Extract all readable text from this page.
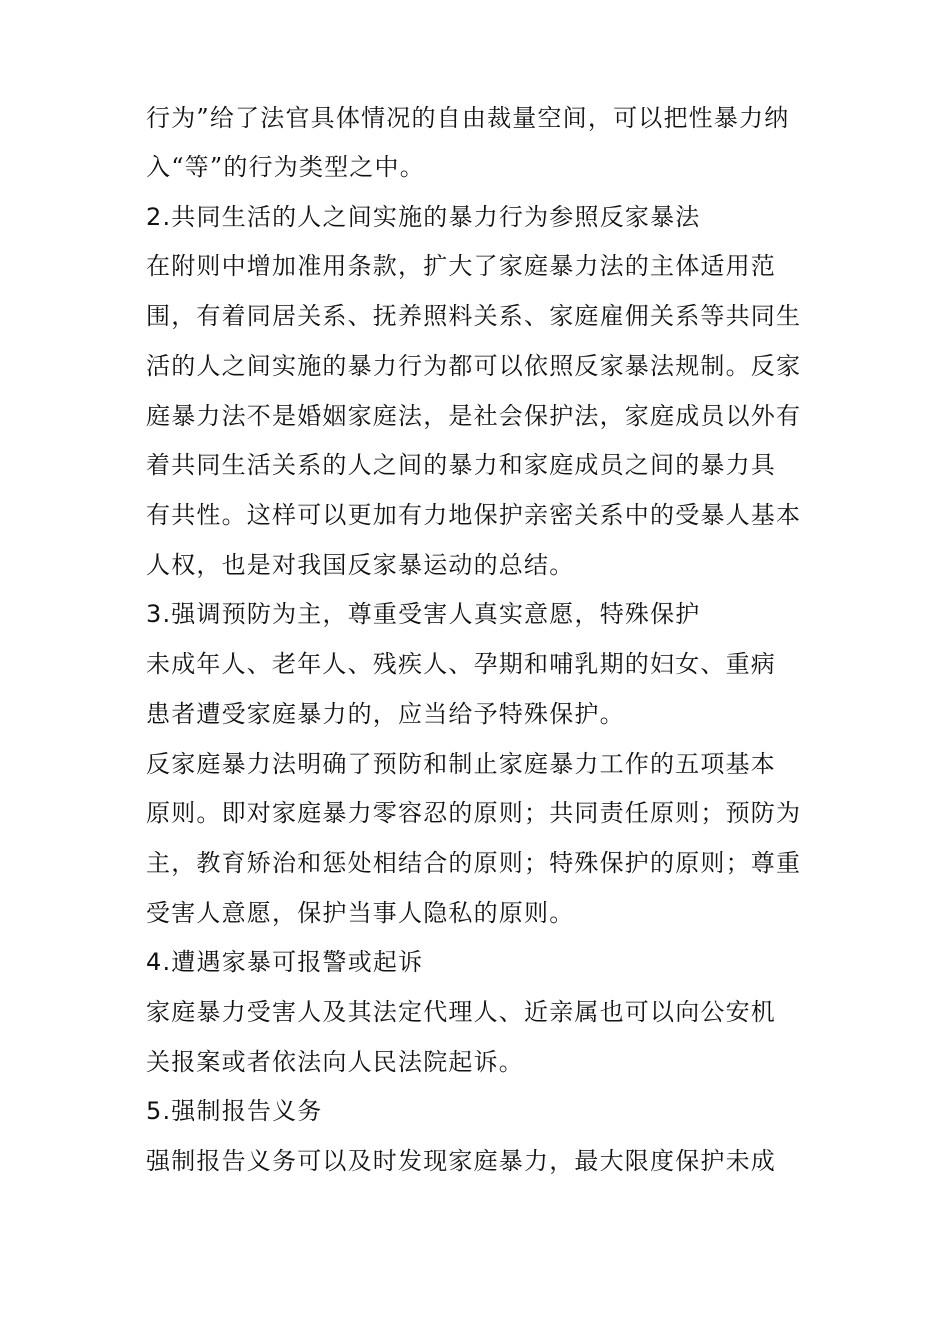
行为”给了法官具体情况的自由裁量空间，可以把性暴力纳
入“等”的行为类型之中。
2.共同生活的人之间实施的暴力行为参照反家暴法
在附则中增加准用条款，扩大了家庭暴力法的主体适用范
围，有着同居关系、抚养照料关系、家庭雇佣关系等共同生
活的人之间实施的暴力行为都可以依照反家暴法规制。反家
庭暴力法不是婚姻家庭法，是社会保护法，家庭成员以外有
着共同生活关系的人之间的暴力和家庭成员之间的暴力具
有共性。这样可以更加有力地保护亲密关系中的受暴人基本
人权，也是对我国反家暴运动的总结。
3.强调预防为主，尊重受害人真实意愿，特殊保护
未成年人、老年人、残疾人、孕期和哺乳期的妇女、重病
患者遭受家庭暴力的，应当给予特殊保护。
反家庭暴力法明确了预防和制止家庭暴力工作的五项基本
原则。即对家庭暴力零容忍的原则；共同责任原则；预防为
主，教育矫治和惩处相结合的原则；特殊保护的原则；尊重
受害人意愿，保护当事人隐私的原则。
4.遭遇家暴可报警或起诉
家庭暴力受害人及其法定代理人、近亲属也可以向公安机
关报案或者依法向人民法院起诉。
5.强制报告义务
强制报告义务可以及时发现家庭暴力，最大限度保护未成
